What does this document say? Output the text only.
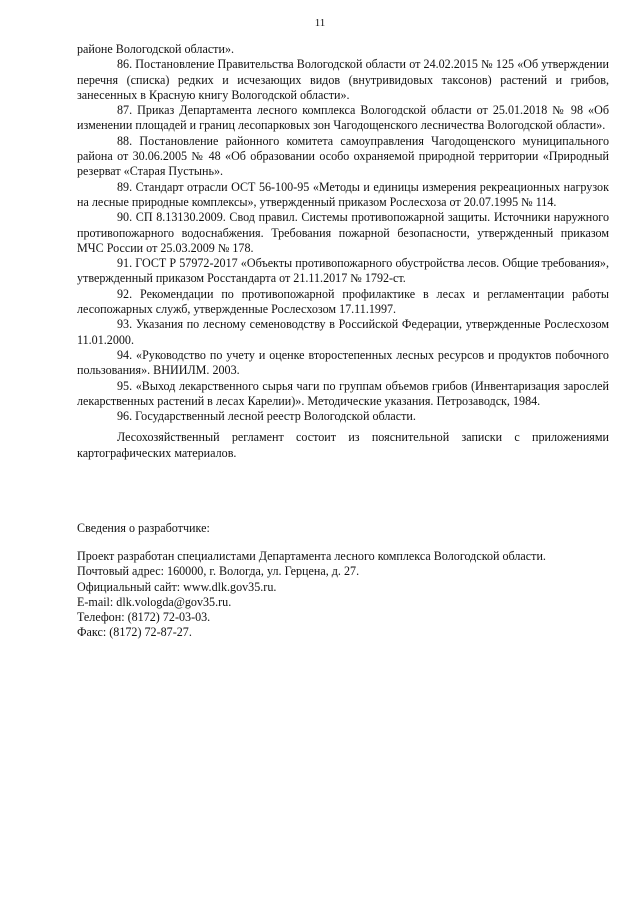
11

районе Вологодской области».

86. Постановление Правительства Вологодской области от 24.02.2015 № 125 «Об утверждении перечня (списка) редких и исчезающих видов (внутривидовых таксонов) растений и грибов, занесенных в Красную книгу Вологодской области».

87. Приказ Департамента лесного комплекса Вологодской области от 25.01.2018 № 98 «Об изменении площадей и границ лесопарковых зон Чагодощенского лесничества Вологодской области».

88. Постановление районного комитета самоуправления Чагодощенского муниципального района от 30.06.2005 № 48 «Об образовании особо охраняемой природной территории «Природный резерват «Старая Пустынь».

89. Стандарт отрасли ОСТ 56-100-95 «Методы и единицы измерения рекреационных нагрузок на лесные природные комплексы», утвержденный приказом Рослесхоза от 20.07.1995 № 114.

90. СП 8.13130.2009. Свод правил. Системы противопожарной защиты. Источники наружного противопожарного водоснабжения. Требования пожарной безопасности, утвержденный приказом МЧС России от 25.03.2009 № 178.

91. ГОСТ Р 57972-2017 «Объекты противопожарного обустройства лесов. Общие требования», утвержденный приказом Росстандарта от 21.11.2017 № 1792-ст.

92. Рекомендации по противопожарной профилактике в лесах и регламентации работы лесопожарных служб, утвержденные Рослесхозом 17.11.1997.

93. Указания по лесному семеноводству в Российской Федерации, утвержденные Рослесхозом 11.01.2000.

94. «Руководство по учету и оценке второстепенных лесных ресурсов и продуктов побочного пользования». ВНИИЛМ. 2003.

95. «Выход лекарственного сырья чаги по группам объемов грибов (Инвентаризация зарослей лекарственных растений в лесах Карелии)». Методические указания. Петрозаводск, 1984.

96. Государственный лесной реестр Вологодской области.

Лесохозяйственный регламент состоит из пояснительной записки с приложениями картографических материалов.

Сведения о разработчике:

Проект разработан специалистами Департамента лесного комплекса Вологодской области.

Почтовый адрес: 160000, г. Вологда, ул. Герцена, д. 27.

Официальный сайт: www.dlk.gov35.ru.

E-mail: dlk.vologda@gov35.ru.

Телефон: (8172) 72-03-03.

Факс: (8172) 72-87-27.
